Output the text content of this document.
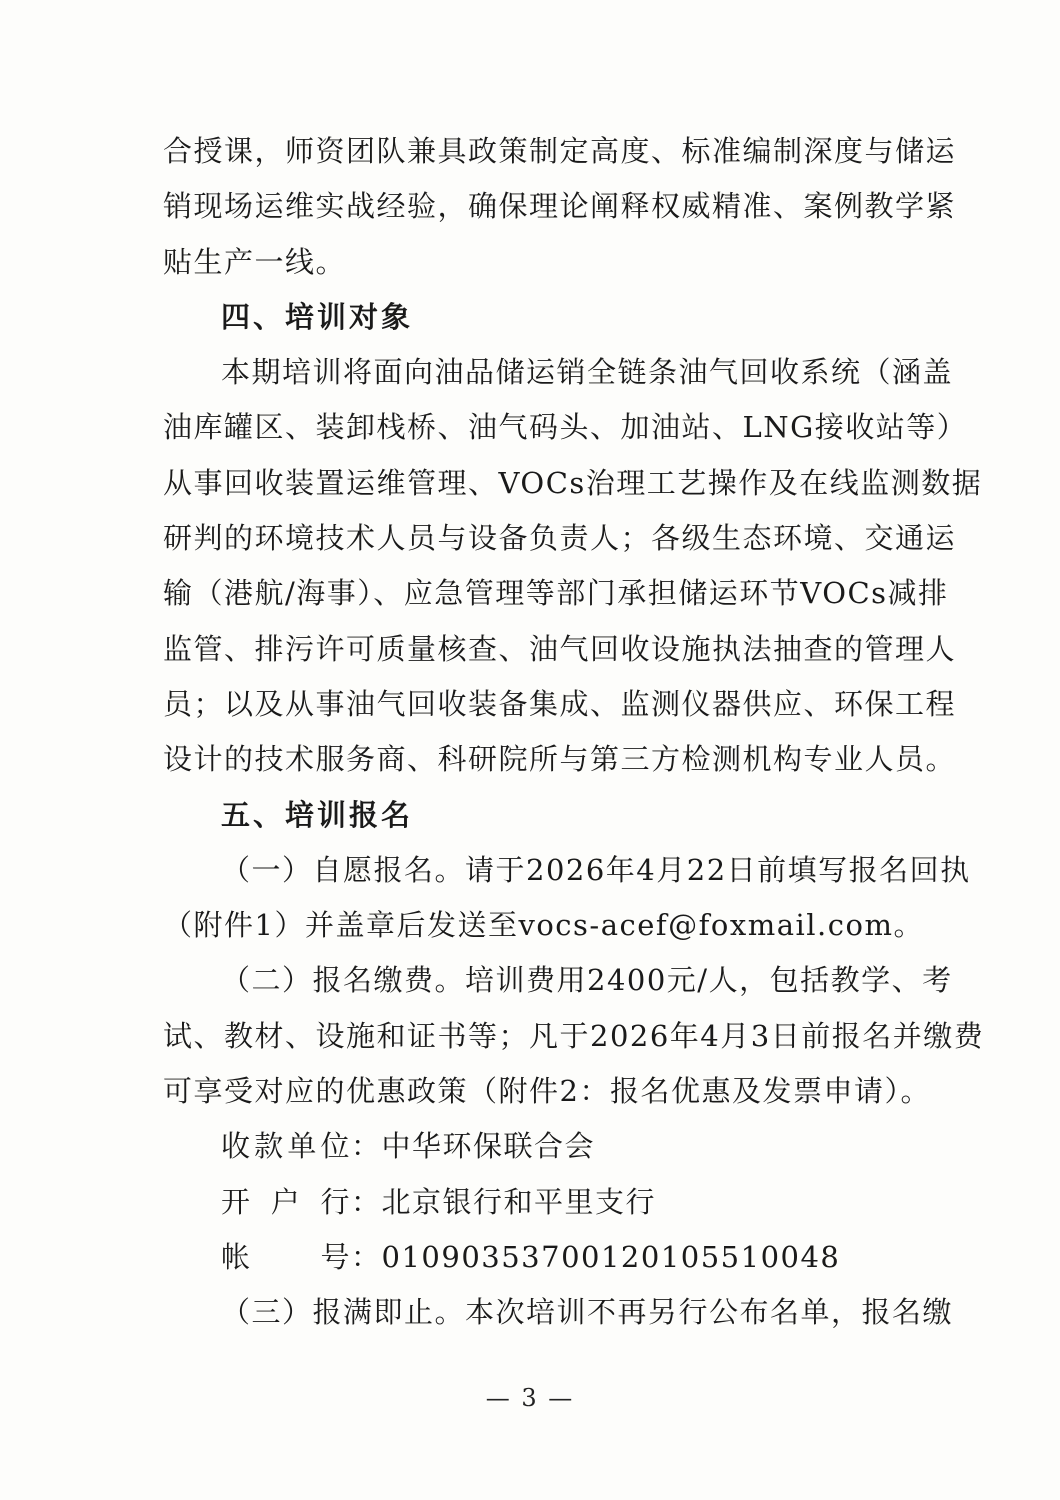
合授课，师资团队兼具政策制定高度、标准编制深度与储运
销现场运维实战经验，确保理论阐释权威精准、案例教学紧
贴生产一线。
四、培训对象
本期培训将面向油品储运销全链条油气回收系统（涵盖
油库罐区、装卸栈桥、油气码头、加油站、LNG接收站等）
从事回收装置运维管理、VOCs治理工艺操作及在线监测数据
研判的环境技术人员与设备负责人；各级生态环境、交通运
输（港航/海事）、应急管理等部门承担储运环节VOCs减排
监管、排污许可质量核查、油气回收设施执法抽查的管理人
员；以及从事油气回收装备集成、监测仪器供应、环保工程
设计的技术服务商、科研院所与第三方检测机构专业人员。
五、培训报名
（一）自愿报名。请于2026年4月22日前填写报名回执
（附件1）并盖章后发送至vocs-acef@foxmail.com。
（二）报名缴费。培训费用2400元/人，包括教学、考
试、教材、设施和证书等；凡于2026年4月3日前报名并缴费
可享受对应的优惠政策（附件2：报名优惠及发票申请）。
收款单位：中华环保联合会
开户行：北京银行和平里支行
帐号：01090353700120105510048
（三）报满即止。本次培训不再另行公布名单，报名缴
— 3 —
